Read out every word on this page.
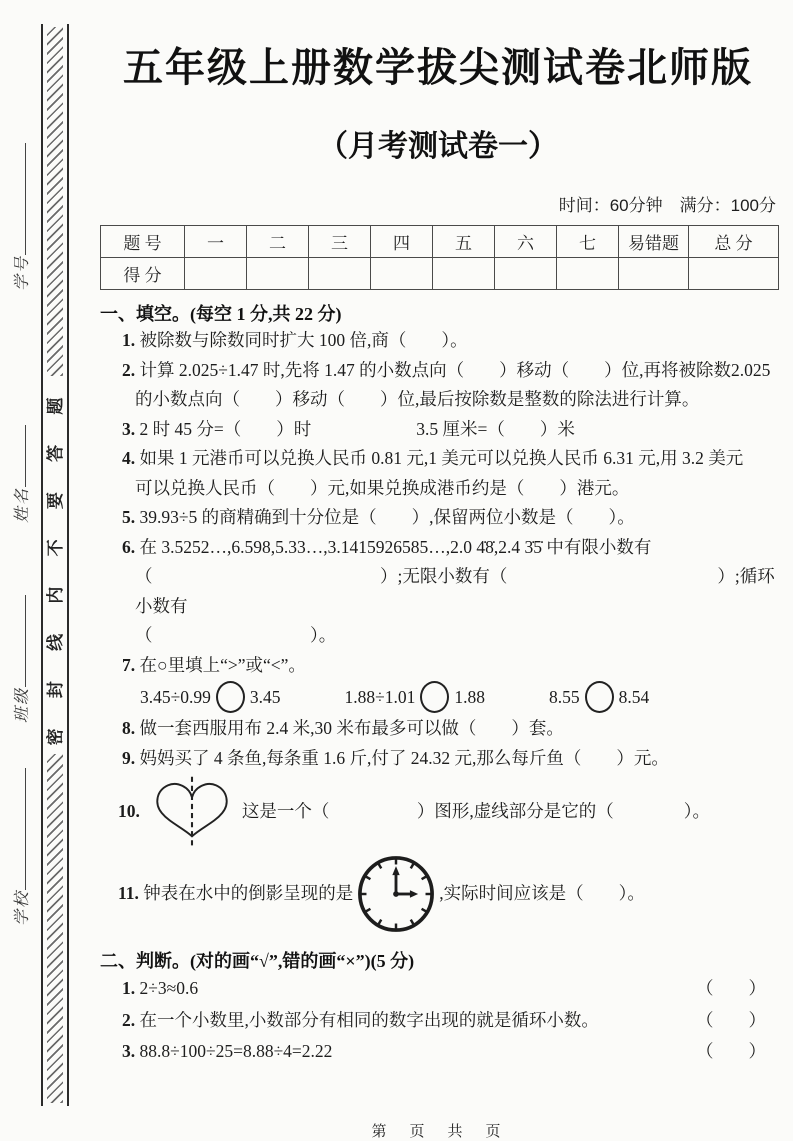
密 封 线 内 不 要 答 题
学号
姓名
班级
学校
五年级上册数学拔尖测试卷北师版
（月考测试卷一）
时间：60分钟　满分：100分
题 号	一	二	三	四	五	六	七	易错题	总 分
得 分									
一、填空。(每空 1 分,共 22 分)
1. 被除数与除数同时扩大 100 倍,商（　　）。
2. 计算 2.025÷1.47 时,先将 1.47 的小数点向（　　）移动（　　）位,再将被除数2.025
的小数点向（　　）移动（　　）位,最后按除数是整数的除法进行计算。
3. 2 时 45 分=（　　）时　　　　　　3.5 厘米=（　　）米
4. 如果 1 元港币可以兑换人民币 0.81 元,1 美元可以兑换人民币 6.31 元,用 3.2 美元
可以兑换人民币（　　）元,如果兑换成港币约是（　　）港元。
5. 39.93÷5 的商精确到十分位是（　　）,保留两位小数是（　　）。
6. 在 3.5252…,6.598,5.33…,3.1415926585…,2.0 4̇8̇,2.4 3̇5̇ 中有限小数有
（　　　　　　　　　　　　　）;无限小数有（　　　　　　　　　　　　）;循环小数有
（　　　　　　　　　）。
7. 在○里填上“>”或“<”。
3.45÷0.99 3.45	1.88÷1.01 1.88	8.55 8.54
8. 做一套西服用布 2.4 米,30 米布最多可以做（　　）套。
9. 妈妈买了 4 条鱼,每条重 1.6 斤,付了 24.32 元,那么每斤鱼（　　）元。
10.	这是一个（　　　　　）图形,虚线部分是它的（　　　　）。
11.
钟表在水中的倒影呈现的是	,实际时间应该是（　　）。
二、判断。(对的画“√”,错的画“×”)(5 分)
1.
2÷3≈0.6	（　　）
2.
在一个小数里,小数部分有相同的数字出现的就是循环小数。	（　　）
3.
88.8÷100÷25=8.88÷4=2.22	（　　）
第　页　共　页
